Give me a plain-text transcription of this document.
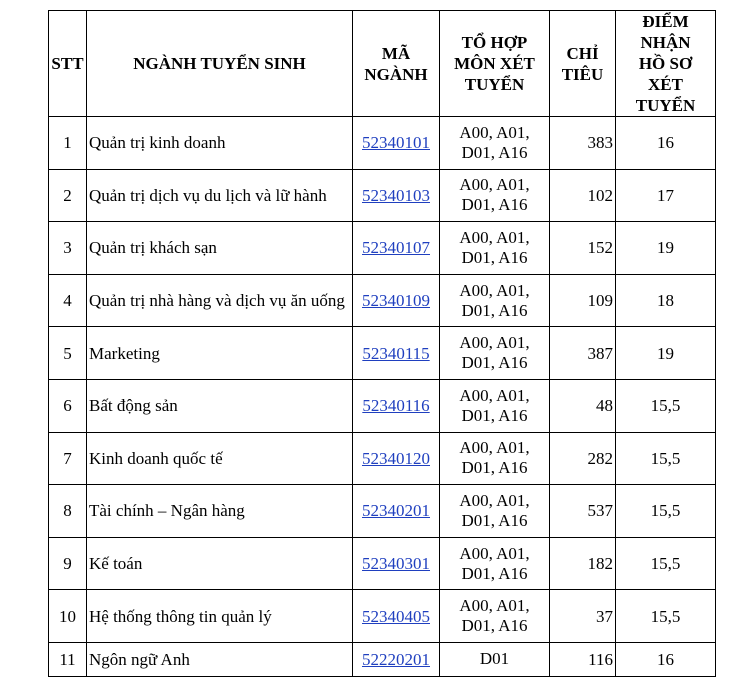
STT	NGÀNH TUYỂN SINH	MÃ NGÀNH	TỔ HỢP MÔN XÉT TUYỂN	CHỈ TIÊU	ĐIỂM NHẬN HỒ SƠ XÉT TUYỂN
1	Quản trị kinh doanh	52340101	A00, A01, D01, A16	383	16
2	Quản trị dịch vụ du lịch và lữ hành	52340103	A00, A01, D01, A16	102	17
3	Quản trị khách sạn	52340107	A00, A01, D01, A16	152	19
4	Quản trị nhà hàng và dịch vụ ăn uống	52340109	A00, A01, D01, A16	109	18
5	Marketing	52340115	A00, A01, D01, A16	387	19
6	Bất động sản	52340116	A00, A01, D01, A16	48	15,5
7	Kinh doanh quốc tế	52340120	A00, A01, D01, A16	282	15,5
8	Tài chính – Ngân hàng	52340201	A00, A01, D01, A16	537	15,5
9	Kế toán	52340301	A00, A01, D01, A16	182	15,5
10	Hệ thống thông tin quản lý	52340405	A00, A01, D01, A16	37	15,5
11	Ngôn ngữ Anh	52220201	D01	116	16
